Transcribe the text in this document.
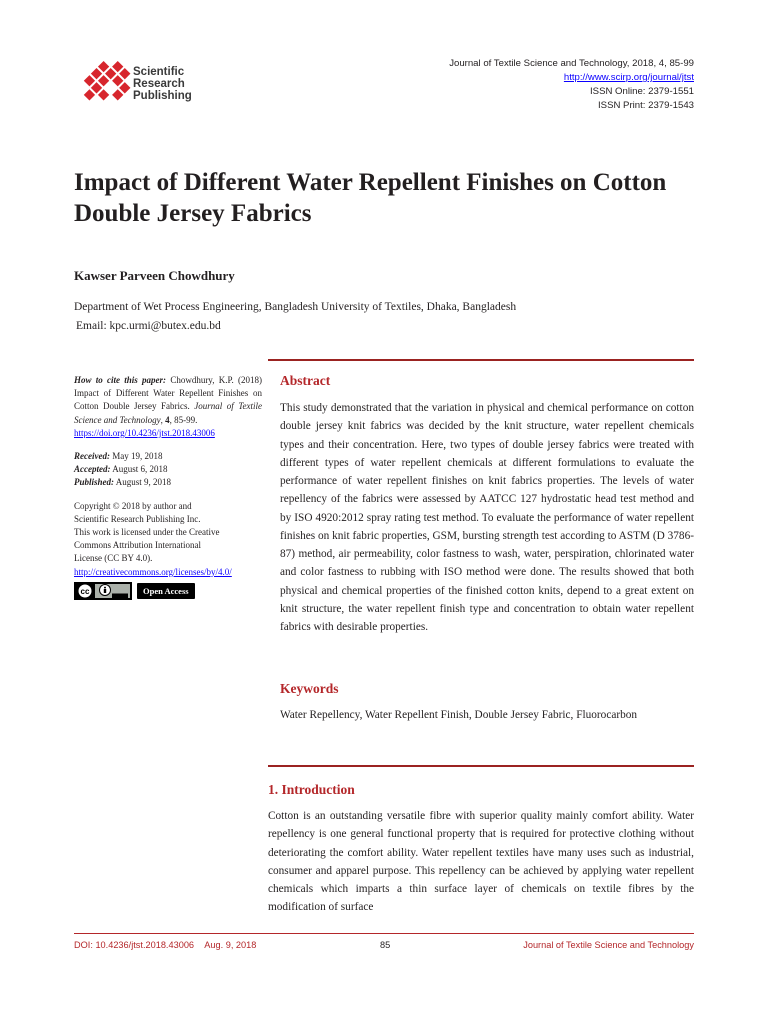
Scientific
Research
Publishing
Journal of Textile Science and Technology, 2018, 4, 85-99
http://www.scirp.org/journal/jtst
ISSN Online: 2379-1551
ISSN Print: 2379-1543
Impact of Different Water Repellent Finishes on Cotton Double Jersey Fabrics
Kawser Parveen Chowdhury
Department of Wet Process Engineering, Bangladesh University of Textiles, Dhaka, Bangladesh
Email: kpc.urmi@butex.edu.bd

How to cite this paper: Chowdhury, K.P. (2018) Impact of Different Water Repellent Finishes on Cotton Double Jersey Fabrics. Journal of Textile Science and Technology, 4, 85-99.

https://doi.org/10.4236/jtst.2018.43006

Received: May 19, 2018

Accepted: August 6, 2018

Published: August 9, 2018

Copyright © 2018 by author and

Scientific Research Publishing Inc.

This work is licensed under the Creative

Commons Attribution International

License (CC BY 4.0).

http://creativecommons.org/licenses/by/4.0/

cc	Open Access
Abstract
This study demonstrated that the variation in physical and chemical performance on cotton double jersey knit fabrics was decided by the knit structure, water repellent chemicals types and their concentration. Here, two types of double jersey fabrics were treated with different types of water repellent chemicals at different formulations to evaluate the performance of water repellent finishes on knit fabrics properties. The levels of water repellency of the fabrics were assessed by AATCC 127 hydrostatic head test method and by ISO 4920:2012 spray rating test method. To evaluate the performance of water repellent finishes on knit fabric properties, GSM, bursting strength test according to ASTM (D 3786-87) method, air permeability, color fastness to wash, water, perspiration, chlorinated water and color fastness to rubbing with ISO method were done. The results showed that both physical and chemical properties of the finished cotton knits, depend to a great extent on knit structure, the water repellent finish type and concentration to obtain water repellent fabrics with desirable properties.
Keywords
Water Repellency, Water Repellent Finish, Double Jersey Fabric, Fluorocarbon
1. Introduction
Cotton is an outstanding versatile fibre with superior quality mainly comfort ability. Water repellency is one general functional property that is required for protective clothing without deteriorating the comfort ability. Water repellent textiles have many uses such as industrial, consumer and apparel purpose. This repellency can be achieved by applying water repellent chemicals which imparts a thin surface layer of chemicals on textile fibres by the modification of surface
DOI: 10.4236/jtst.2018.43006 Aug. 9, 2018	85	Journal of Textile Science and Technology
